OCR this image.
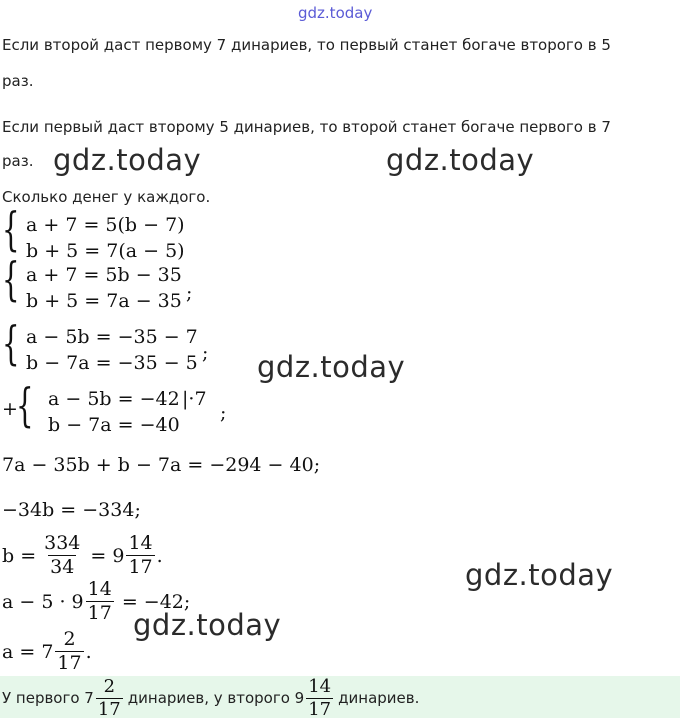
gdz.today
Если второй даст первому 7 динариев, то первый станет богаче второго в 5
раз.
Если первый даст второму 5 динариев, то второй станет богаче первого в 7
раз.
Сколько денег у каждого.
gdz.today	gdz.today
gdz.today
gdz.today
gdz.today
{ a + 7 = 5(b − 7)
b + 5 = 7(a − 5)
{ a + 7 = 5b − 35
b + 5 = 7a − 35 ;
{ a − 5b = −35 − 7
b − 7a = −35 − 5 ;
+
{ a − 5b = −42 |·7
b − 7a = −40
;
7a − 35b + b − 7a = −294 − 40;
−34b = −334;
$b = \frac{334}{34} = 9 \frac{14}{17}$ .
$a - 5 \cdot 9 \frac{14}{17} = -42$;
$a = 7 \frac{2}{17}$ .
У первого $7 \frac{2}{17}$ динариев, у второго $9 \frac{14}{17}$ динариев.
